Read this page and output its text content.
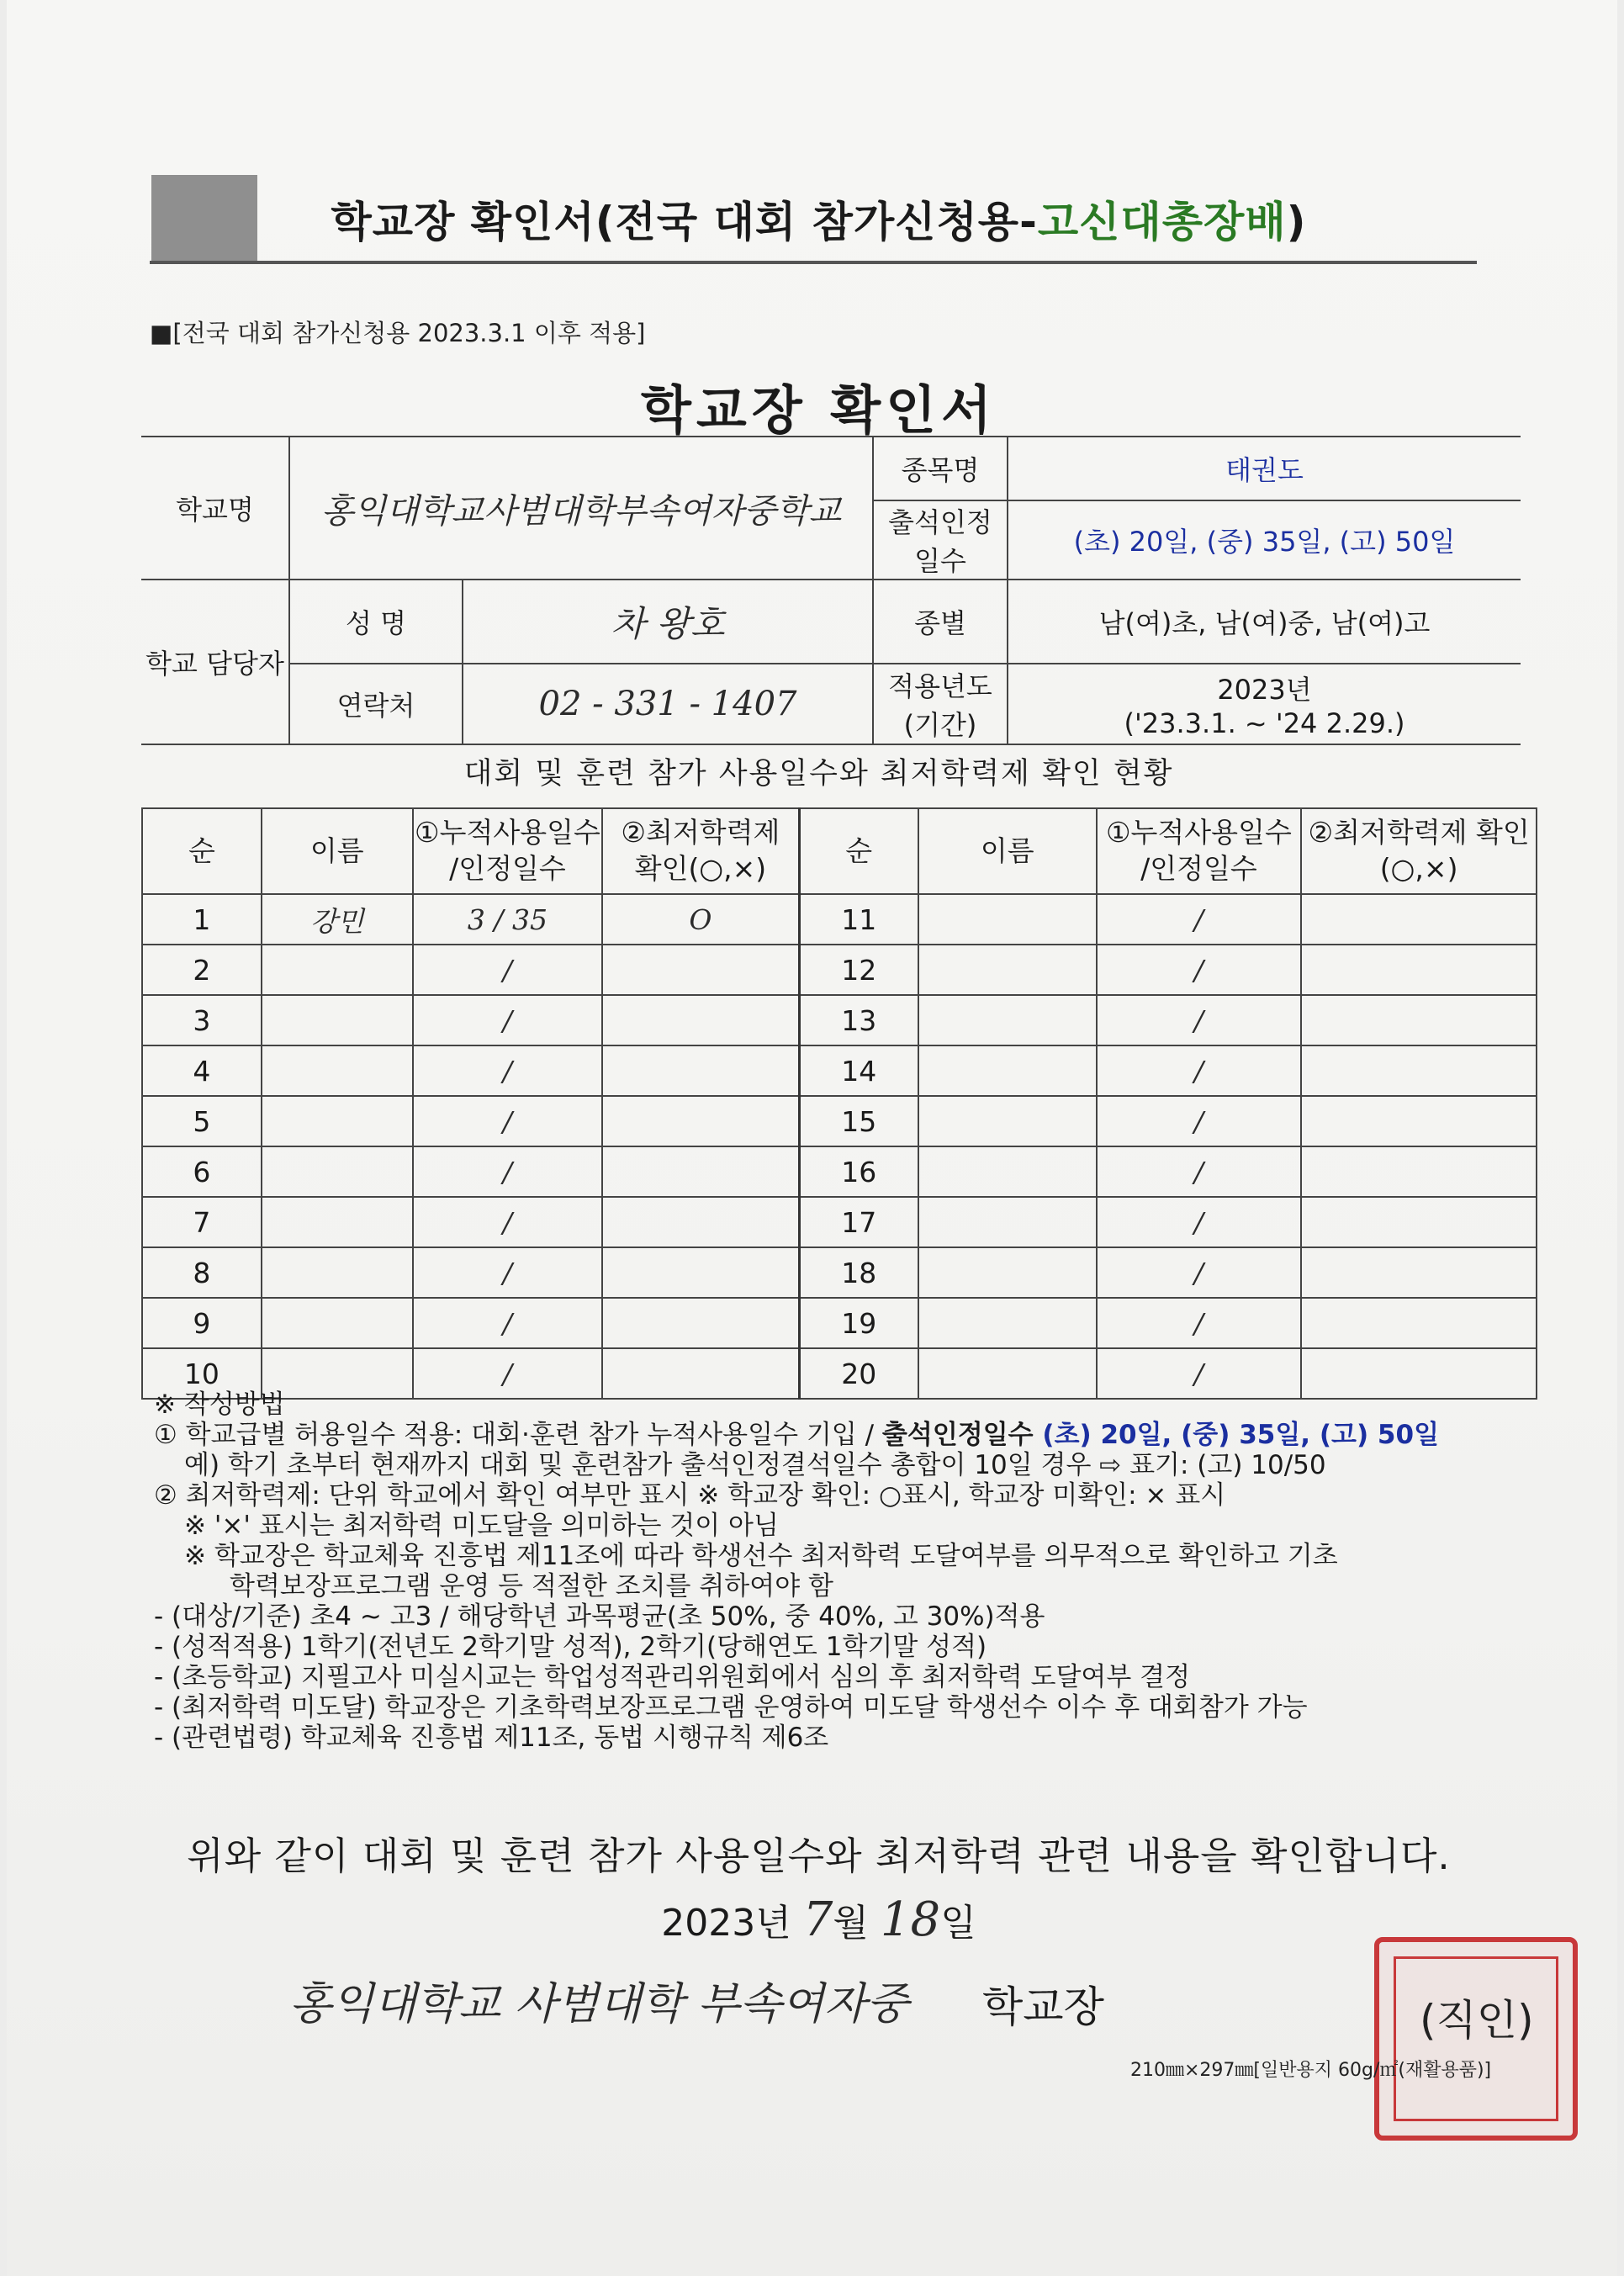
학교장 확인서(전국 대회 참가신청용-고신대총장배)
■[전국 대회 참가신청용 2023.3.1 이후 적용]
학교장 확인서
학교명	홍익대학교사범대학부속여자중학교		종목명	태권도
			출석인정 일수	(초) 20일, (중) 35일, (고) 50일
학교 담당자	성 명	차 왕호	종별	남(여)초, 남(여)중, 남(여)고
	연락처	02 - 331 - 1407	적용년도 (기간)	2023년
('23.3.1. ~ '24 2.29.)
대회 및 훈련 참가 사용일수와 최저학력제 확인 현황
순	이름	①누적사용일수 /인정일수	②최저학력제 확인(○,×)	순	이름	①누적사용일수 /인정일수	②최저학력제 확인(○,×)
1	강민	3 / 35	O	11		/	
2		/		12		/	
3		/		13		/	
4		/		14		/	
5		/		15		/	
6		/		16		/	
7		/		17		/	
8		/		18		/	
9		/		19		/	
10		/		20		/	
※ 작성방법
① 학교급별 허용일수 적용: 대회·훈련 참가 누적사용일수 기입 / 출석인정일수 (초) 20일, (중) 35일, (고) 50일
예) 학기 초부터 현재까지 대회 및 훈련참가 출석인정결석일수 총합이 10일 경우 ⇨ 표기: (고) 10/50
② 최저학력제: 단위 학교에서 확인 여부만 표시 ※ 학교장 확인: ○표시, 학교장 미확인: × 표시
※ '×' 표시는 최저학력 미도달을 의미하는 것이 아님
※ 학교장은 학교체육 진흥법 제11조에 따라 학생선수 최저학력 도달여부를 의무적으로 확인하고 기초
학력보장프로그램 운영 등 적절한 조치를 취하여야 함
- (대상/기준) 초4 ~ 고3 / 해당학년 과목평균(초 50%, 중 40%, 고 30%)적용
- (성적적용) 1학기(전년도 2학기말 성적), 2학기(당해연도 1학기말 성적)
- (초등학교) 지필고사 미실시교는 학업성적관리위원회에서 심의 후 최저학력 도달여부 결정
- (최저학력 미도달) 학교장은 기초학력보장프로그램 운영하여 미도달 학생선수 이수 후 대회참가 가능
- (관련법령) 학교체육 진흥법 제11조, 동법 시행규칙 제6조
위와 같이 대회 및 훈련 참가 사용일수와 최저학력 관련 내용을 확인합니다.
2023년 7월 18일
홍익대학교 사범대학 부속여자중 학교장	(직인)
210㎜×297㎜[일반용지 60g/㎡(재활용품)]
